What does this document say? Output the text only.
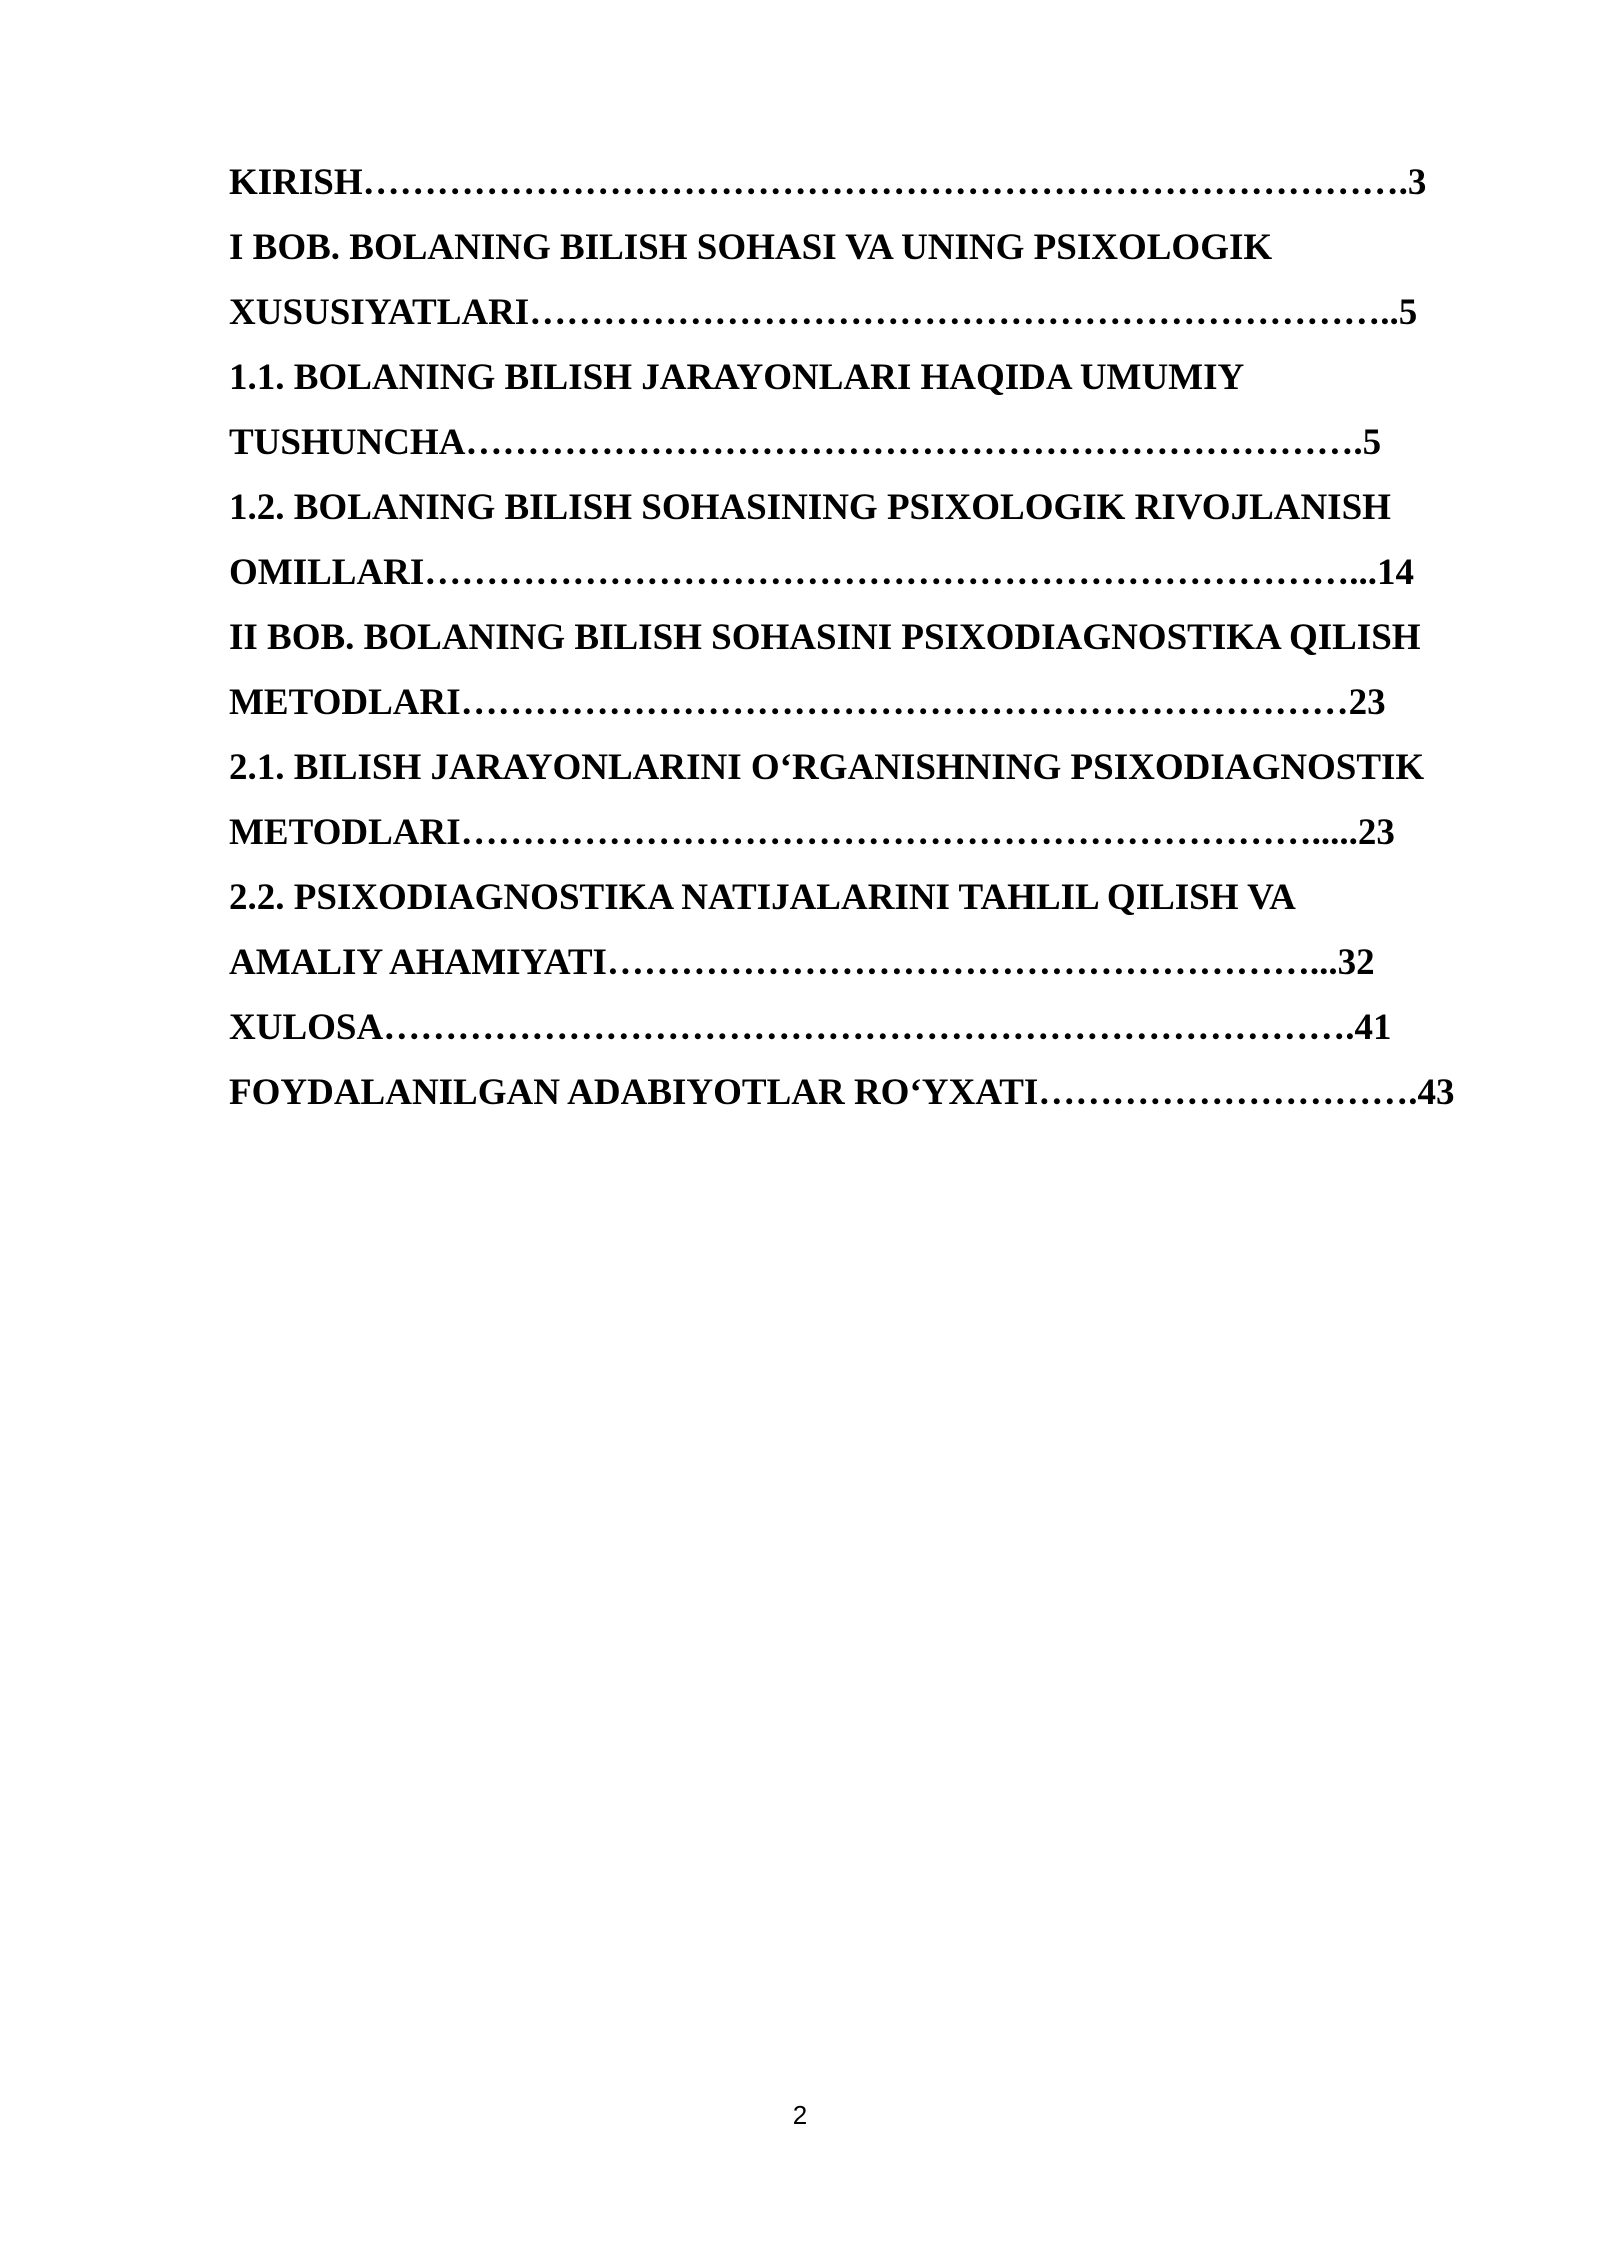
KIRISH………………………………………………………………………….3
I BOB. BOLANING BILISH SOHASI VA UNING PSIXOLOGIK
XUSUSIYATLARI……………………………………………………………..5
1.1. BOLANING BILISH JARAYONLARI HAQIDA UMUMIY
TUSHUNCHA……………………………………………………………….5
1.2. BOLANING BILISH SOHASINING PSIXOLOGIK RIVOJLANISH
OMILLARI…………………………………………………………………...14
II BOB. BOLANING BILISH SOHASINI PSIXODIAGNOSTIKA QILISH
METODLARI………………………………………………………………23
2.1. BILISH JARAYONLARINI O‘RGANISHNING PSIXODIAGNOSTIK
METODLARI…………………………………………………………….....23
2.2. PSIXODIAGNOSTIKA NATIJALARINI TAHLIL QILISH VA
AMALIY AHAMIYATI…………………………………………………...32
XULOSA…………………………………………………………………….41
FOYDALANILGAN ADABIYOTLAR RO‘YXATI………………………….43
2
